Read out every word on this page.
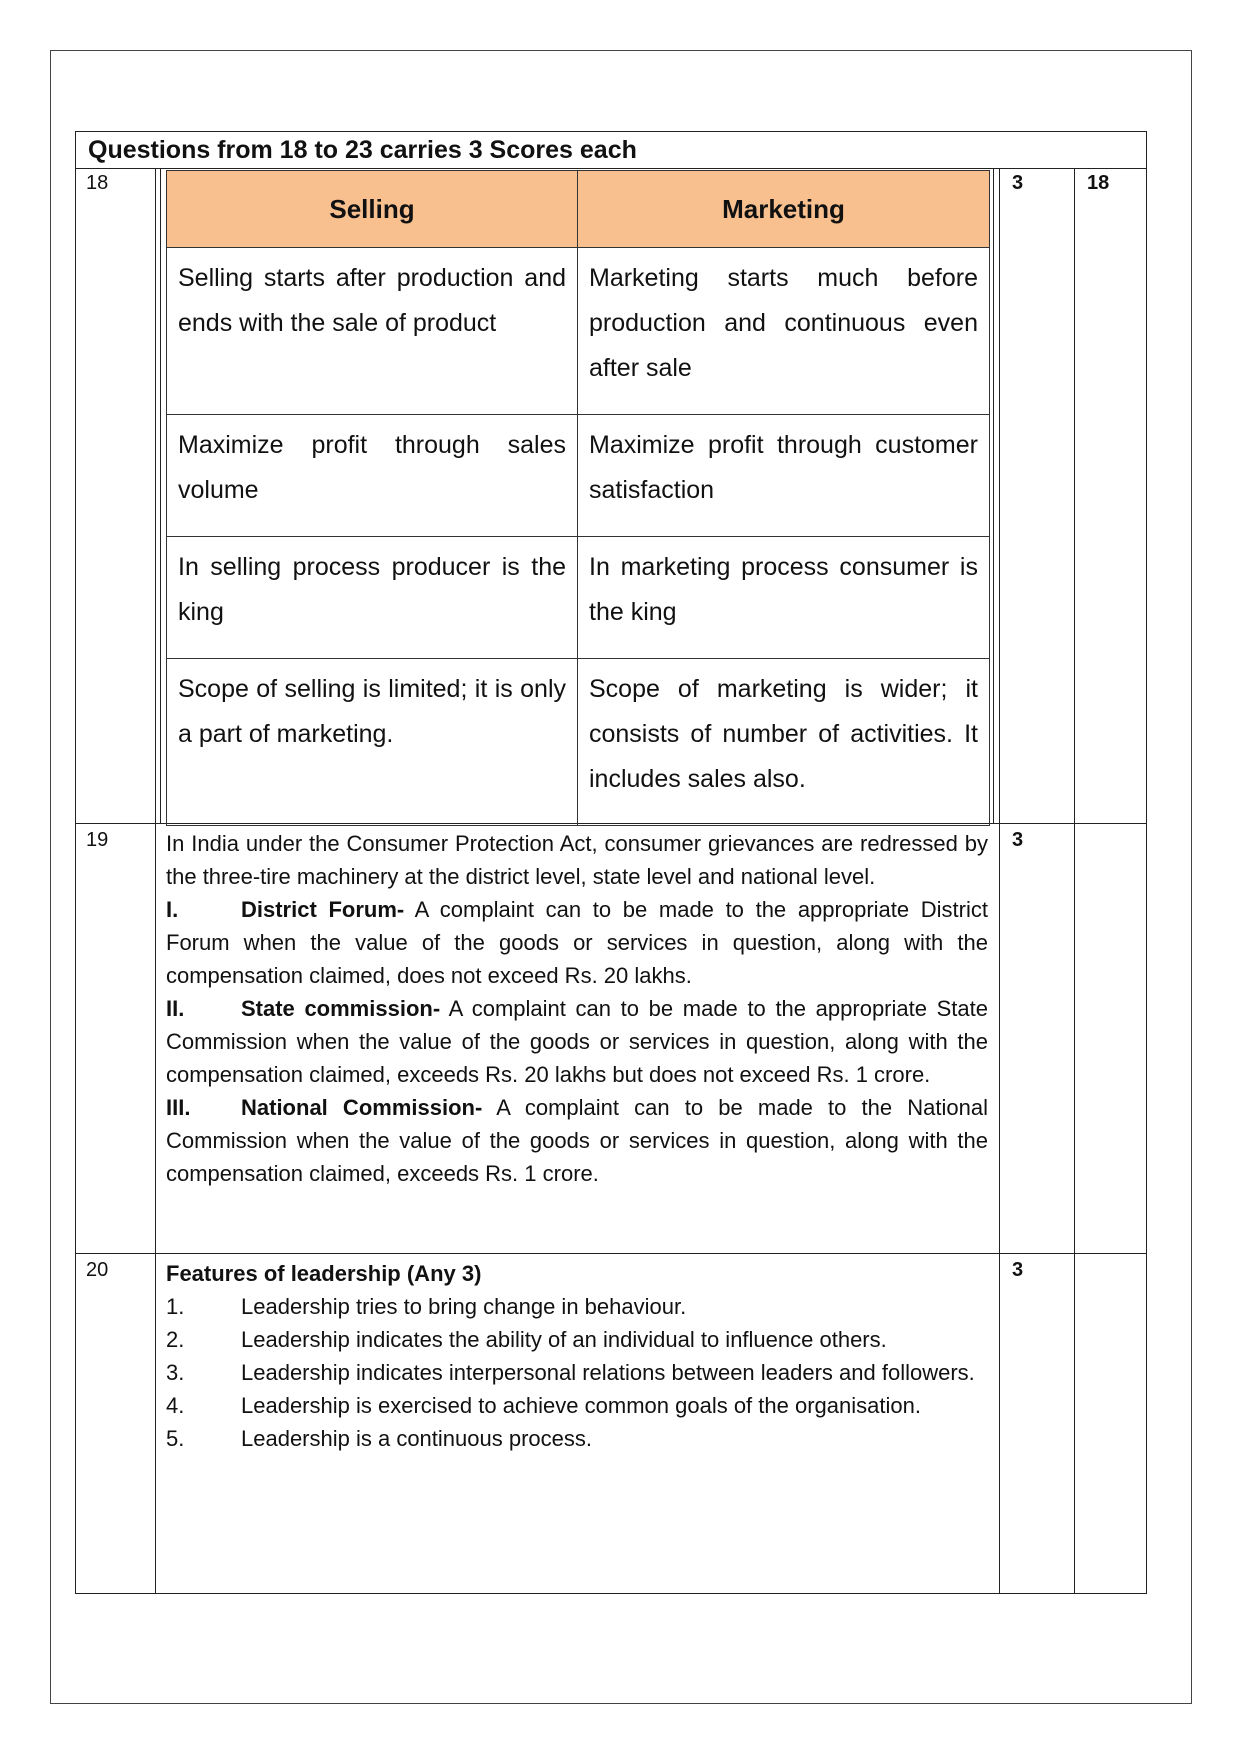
Questions from 18 to 23 carries 3 Scores each
18	3	18
Selling	Marketing
Selling starts after production and ends with the sale of product	Marketing starts much before production and continuous even after sale
Maximize profit through sales volume	Maximize profit through customer satisfaction
In selling process producer is the king	In marketing process consumer is the king
Scope of selling is limited; it is only a part of marketing.	Scope of marketing is wider; it consists of number of activities. It includes sales also.
19	3
In India under the Consumer Protection Act, consumer grievances are redressed by the three-tire machinery at the district level, state level and national level.
I.	District Forum- A complaint can to be made to the appropriate District Forum when the value of the goods or services in question, along with the compensation claimed, does not exceed Rs. 20 lakhs.
II.	State commission- A complaint can to be made to the appropriate State Commission when the value of the goods or services in question, along with the compensation claimed, exceeds Rs. 20 lakhs but does not exceed Rs. 1 crore.
III. National Commission- A complaint can to be made to the National Commission when the value of the goods or services in question, along with the compensation claimed, exceeds Rs. 1 crore.
20	3
Features of leadership (Any 3)
1.	Leadership tries to bring change in behaviour.
2.	Leadership indicates the ability of an individual to influence others.
3.	Leadership indicates interpersonal relations between leaders and followers.
4.	Leadership is exercised to achieve common goals of the organisation.
5.	Leadership is a continuous process.
